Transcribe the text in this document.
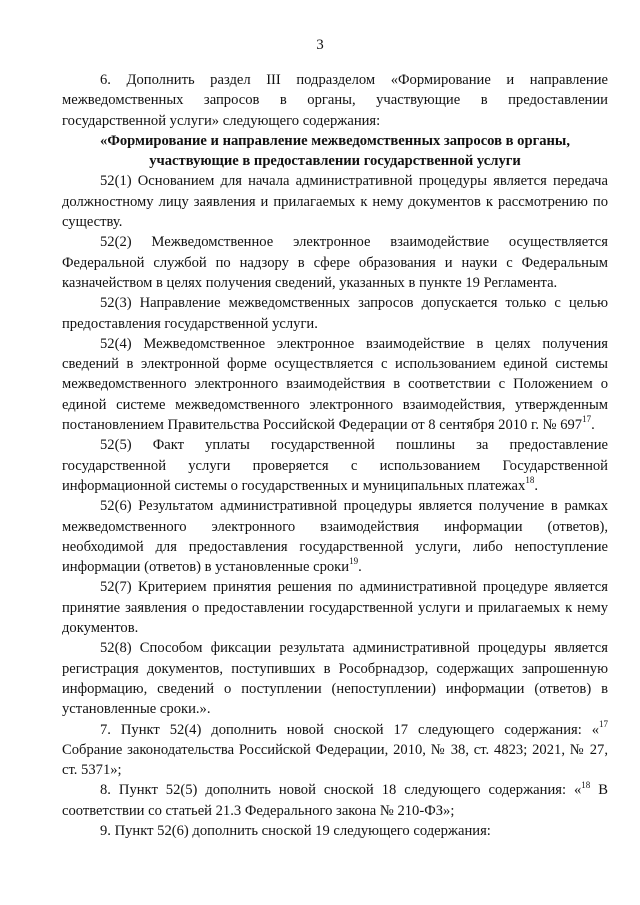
3

6. Дополнить раздел III подразделом «Формирование и направление межведомственных запросов в органы, участвующие в предоставлении государственной услуги» следующего содержания:

«Формирование и направление межведомственных запросов в органы,
участвующие в предоставлении государственной услуги

52(1) Основанием для начала административной процедуры является передача должностному лицу заявления и прилагаемых к нему документов к рассмотрению по существу.

52(2) Межведомственное электронное взаимодействие осуществляется Федеральной службой по надзору в сфере образования и науки с Федеральным казначейством в целях получения сведений, указанных в пункте 19 Регламента.

52(3) Направление межведомственных запросов допускается только с целью предоставления государственной услуги.

52(4) Межведомственное электронное взаимодействие в целях получения сведений в электронной форме осуществляется с использованием единой системы межведомственного электронного взаимодействия в соответствии с Положением о единой системе межведомственного электронного взаимодействия, утвержденным постановлением Правительства Российской Федерации от 8 сентября 2010 г. № $697^{17}$.

52(5) Факт уплаты государственной пошлины за предоставление государственной услуги проверяется с использованием Государственной информационной системы о государственных и муниципальных платежах$^{18}$.

52(6) Результатом административной процедуры является получение в рамках межведомственного электронного взаимодействия информации (ответов), необходимой для предоставления государственной услуги, либо непоступление информации (ответов) в установленные сроки$^{19}$.

52(7) Критерием принятия решения по административной процедуре является принятие заявления о предоставлении государственной услуги и прилагаемых к нему документов.

52(8) Способом фиксации результата административной процедуры является регистрация документов, поступивших в Рособрнадзор, содержащих запрошенную информацию, сведений о поступлении (непоступлении) информации (ответов) в установленные сроки.».

7. Пункт 52(4) дополнить новой сноской 17 следующего содержания: «$^{17}$ Собрание законодательства Российской Федерации, 2010, № 38, ст. 4823; 2021, № 27, ст. 5371»;

8. Пункт 52(5) дополнить новой сноской 18 следующего содержания: «$^{18}$ В соответствии со статьей 21.3 Федерального закона № 210-ФЗ»;

9. Пункт 52(6) дополнить сноской 19 следующего содержания:
